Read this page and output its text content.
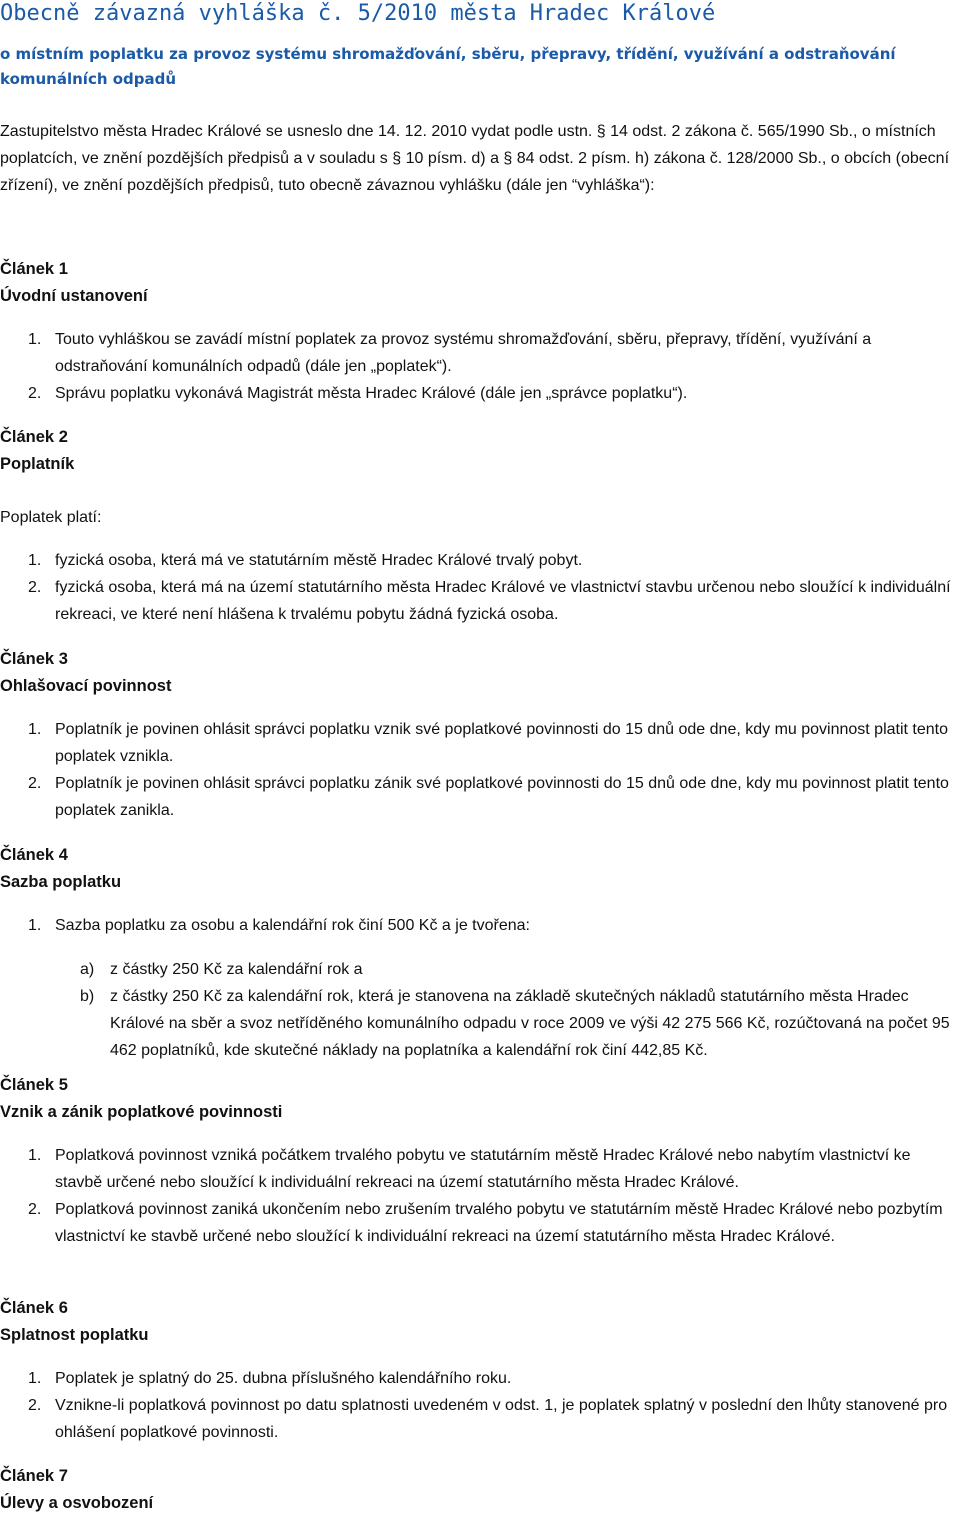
Obecně závazná vyhláška č. 5/2010 města Hradec Králové

o místním poplatku za provoz systému shromažďování, sběru, přepravy, třídění, využívání a odstraňování komunálních odpadů

Zastupitelstvo města Hradec Králové se usneslo dne 14. 12. 2010 vydat podle ustn. § 14 odst. 2 zákona č. 565/1990 Sb., o místních poplatcích, ve znění pozdějších předpisů a v souladu s § 10 písm. d) a § 84 odst. 2 písm. h) zákona č. 128/2000 Sb., o obcích (obecní zřízení), ve znění pozdějších předpisů, tuto obecně závaznou vyhlášku (dále jen “vyhláška“):

Článek 1
Úvodní ustanovení
1. Touto vyhláškou se zavádí místní poplatek za provoz systému shromažďování, sběru, přepravy, třídění, využívání a odstraňování komunálních odpadů (dále jen „poplatek“).
2. Správu poplatku vykonává Magistrát města Hradec Králové (dále jen „správce poplatku“).
Článek 2
Poplatník
Poplatek platí:
1. fyzická osoba, která má ve statutárním městě Hradec Králové trvalý pobyt.
2. fyzická osoba, která má na území statutárního města Hradec Králové ve vlastnictví stavbu určenou nebo sloužící k individuální rekreaci, ve které není hlášena k trvalému pobytu žádná fyzická osoba.
Článek 3
Ohlašovací povinnost
1. Poplatník je povinen ohlásit správci poplatku vznik své poplatkové povinnosti do 15 dnů ode dne, kdy mu povinnost platit tento poplatek vznikla.
2. Poplatník je povinen ohlásit správci poplatku zánik své poplatkové povinnosti do 15 dnů ode dne, kdy mu povinnost platit tento poplatek zanikla.
Článek 4
Sazba poplatku
1. Sazba poplatku za osobu a kalendářní rok činí 500 Kč a je tvořena:
a) z částky 250 Kč za kalendářní rok a
b) z částky 250 Kč za kalendářní rok, která je stanovena na základě skutečných nákladů statutárního města Hradec Králové na sběr a svoz netříděného komunálního odpadu v roce 2009 ve výši 42 275 566 Kč, rozúčtovaná na počet 95 462 poplatníků, kde skutečné náklady na poplatníka a kalendářní rok činí 442,85 Kč.
Článek 5
Vznik a zánik poplatkové povinnosti
1. Poplatková povinnost vzniká počátkem trvalého pobytu ve statutárním městě Hradec Králové nebo nabytím vlastnictví ke stavbě určené nebo sloužící k individuální rekreaci na území statutárního města Hradec Králové.
2. Poplatková povinnost zaniká ukončením nebo zrušením trvalého pobytu ve statutárním městě Hradec Králové nebo pozbytím vlastnictví ke stavbě určené nebo sloužící k individuální rekreaci na území statutárního města Hradec Králové.
Článek 6
Splatnost poplatku
1. Poplatek je splatný do 25. dubna příslušného kalendářního roku.
2. Vznikne-li poplatková povinnost po datu splatnosti uvedeném v odst. 1, je poplatek splatný v poslední den lhůty stanovené pro ohlášení poplatkové povinnosti.
Článek 7
Úlevy a osvobození
